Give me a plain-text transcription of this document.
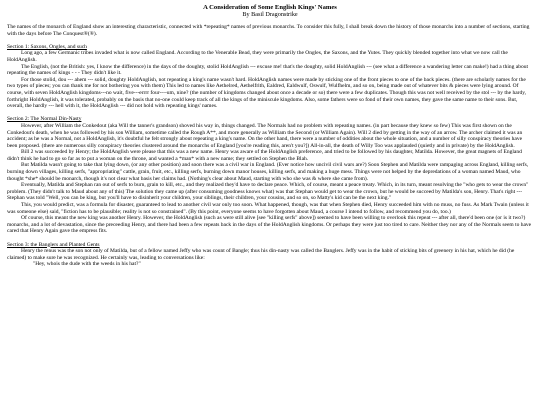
A Consideration of Some English Kings' Names
By Basil Dragonstrike

The names of the monarch of England show an interesting characteristic, connected with *repeating* names of previous monarchs. To consider this fully, I shall break down the history of those monarchs into a number of sections, starting with the days before The Conquest®(®).

Section 1: Saxons, Ongles, and such

Long ago, a few Germanic tribes invaded what is now called England. According to the Venerable Bead, they were primarily the Ongles, the Saxons, and the Yutes. They quickly blended together into what we now call the HoldAnglish.

The English, (not the British: yes, I know the difference) in the days of the doughty, stolid HoldAnglish --- excuse me! that's the doughty, solid HoldAnglish --- (see what a difference a wandering letter can make!) had a thing about repeating the names of kings - - - They didn't like it.

For those stolid, dou --- ahem --- solid, doughty HoldAnglish, not repeating a king's name wasn't hard. HoldAnglish names were made by sticking one of the front pieces to one of the back pieces. (there are scholarly names for the two types of pieces; you can thank me for not bothering you with them) This led to names like Aethelred, Aethelfrith, Ealdred, Ealdwulf, Oswulf, Wulfhelm, and so on, being made out of whatever bits & pieces were lying around. Of course, with seven HoldAnglish kingdoms---no wait, five---errrr four----um, nine? (the number of kingdoms changed about once a decade or so) there were a few duplicates. Though this was not well received by the stol --- by the hardy, forthright HoldAnglish, it was tolerated, probably on the basis that no-one could keep track of all the kings of the miniscule kingdoms. Also, some fathers were so fond of their own names, they gave the same name to their sons. But, overall, the hardly --- hell with it, the HoldAnglish --- did not hold with repeating kings' names.

Section 2: The Normal Din-Nasty

However, after William the Conkedout (aka Will the tanner's grandson) shoved his way in, things changed. The Normals had no problem with repeating names. (in part because they knew so few) This was first shown on the Conkedout's death, when he was followed by his son William, sometime called the Rough A**, and more generally as William the Second (or William Again). Will 2 died by getting in the way of an arrow. The archer claimed it was an accident; as he was a Normal, not a HoldAnglish, it's doubtful he felt strongly about repeating a king's name. On the other hand, there were a number of oddities about the whole situation, and a number of silly conspiracy theories have been proposed. (there are numerous silly conspiracy theories clustered around the monarchs of England [you're reading this, aren't you?]) All-in-all, the death of Willy Too was applauded (quietly and in private) by the HoldAnglish.

Bill 2 was succeeded by Henry; the HoldAnglish were please that this was a new name. Henry was aware of the HoldAnglish preference, and tried to be followed by his daughter, Matilda. However, the great magnets of England didn't think he had to go so far as to put a woman on the throne, and wanted a *man* with a new name; they settled on Stephen the Blah.

But Matilda wasn't going to take that lying down, (or any other position) and soon there was a civil war in England. (Ever notice how uncivil civil wars are?) Soon Stephen and Matilda were rampaging across England, killing serfs, burning down villages, killing serfs, "appropriating" cattle, grain, fruit, etc., killing serfs, burning down manor houses, killing serfs, and making a huge mess. Things were not helped by the depredations of a woman named Maud, who thought *she* should be monarch, though it's not clear what basis her claims had. (Nothing's clear about Maud, starting with who she was & where she came from).

Eventually, Matilda and Stephan ran out of serfs to burn, grain to kill, etc., and they realized they'd have to declare peace. Which, of course, meant a peace treaty. Which, in its turn, meant resolving the "who gets to wear the crown" problem. (They didn't talk to Maud about any of this) The solution they came up (after consuming goodness knows what) was that Stephan would get to wear the crown, but he would be succeed by Matilda's son, Henry. That's right --- Stephan was told "Well, you can be king, but you'll have to disinherit your children, your siblings, their children, your cousins, and so on, so Matty's kid can be the next king."

This, you would predict, was a formula for disaster, guaranteed to lead to another civil war only too soon. What happened, though, was that when Stephen died, Henry succeeded him with no muss, no fuss. As Mark Twain (unless it was someone else) said, "fiction has to be plausible; reality is not so constrained". (By this point, everyone seems to have forgotten about Maud, a course I intend to follow, and recommend you do, too.)

Of course, this meant the new king was another Henry. However, the HoldAnglish (such as were still alive [see "killing serfs" above]) seemed to have been willing to overlook this repeat --- after all, there'd been one (or is it two?) monarchs, and a lot of devastation, since the preceeding Henry, and there had been a few repeats back in the days of the HoldAnglish kingdoms. Or perhaps they were just too tired to care. Neither they nor any of the Normals seem to have cared that Henry Again gave the empress fits.

Section 3: the Banglers and Planted Gents

Henry the renus was the son not only of Matilda, but of a fellow named Jeffy who was count of Bangle; thus his din-nasty was called the Banglers. Jeffy was in the habit of sticking bits of greenery in his hat, which he did (he claimed) to make sure he was recognized. He certainly was, leading to conversations like:

"Hey, whois the dude with the weeds in his hat?"
